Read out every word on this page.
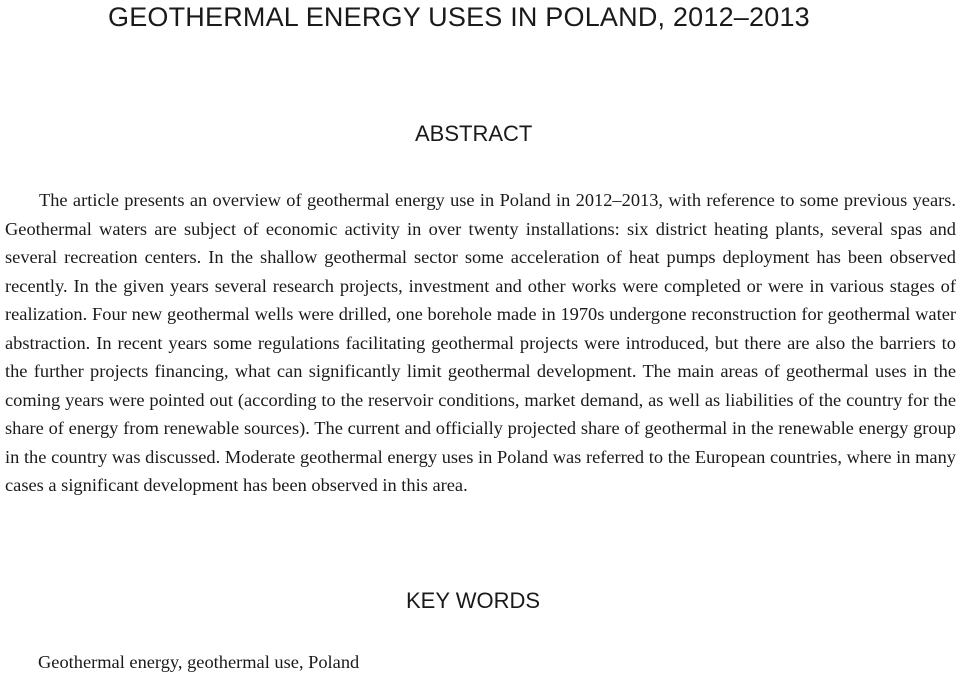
GEOTHERMAL ENERGY USES IN POLAND, 2012–2013
ABSTRACT

The article presents an overview of geothermal energy use in Poland in 2012–2013, with reference to some previous years. Geothermal waters are subject of economic activity in over twenty installations: six district heating plants, several spas and several recreation centers. In the shallow geothermal sector some acceleration of heat pumps deployment has been observed recently. In the given years several research projects, investment and other works were completed or were in various stages of realization. Four new geothermal wells were drilled, one borehole made in 1970s undergone reconstruction for geothermal water abstraction. In recent years some regulations facilitating geothermal projects were introduced, but there are also the barriers to the further projects financing, what can significantly limit geothermal development. The main areas of geothermal uses in the coming years were pointed out (according to the reservoir conditions, market demand, as well as liabilities of the country for the share of energy from renewable sources). The current and officially projected share of geothermal in the renewable energy group in the country was discussed. Moderate geothermal energy uses in Poland was referred to the European countries, where in many cases a significant development has been observed in this area.

KEY WORDS

Geothermal energy, geothermal use, Poland
